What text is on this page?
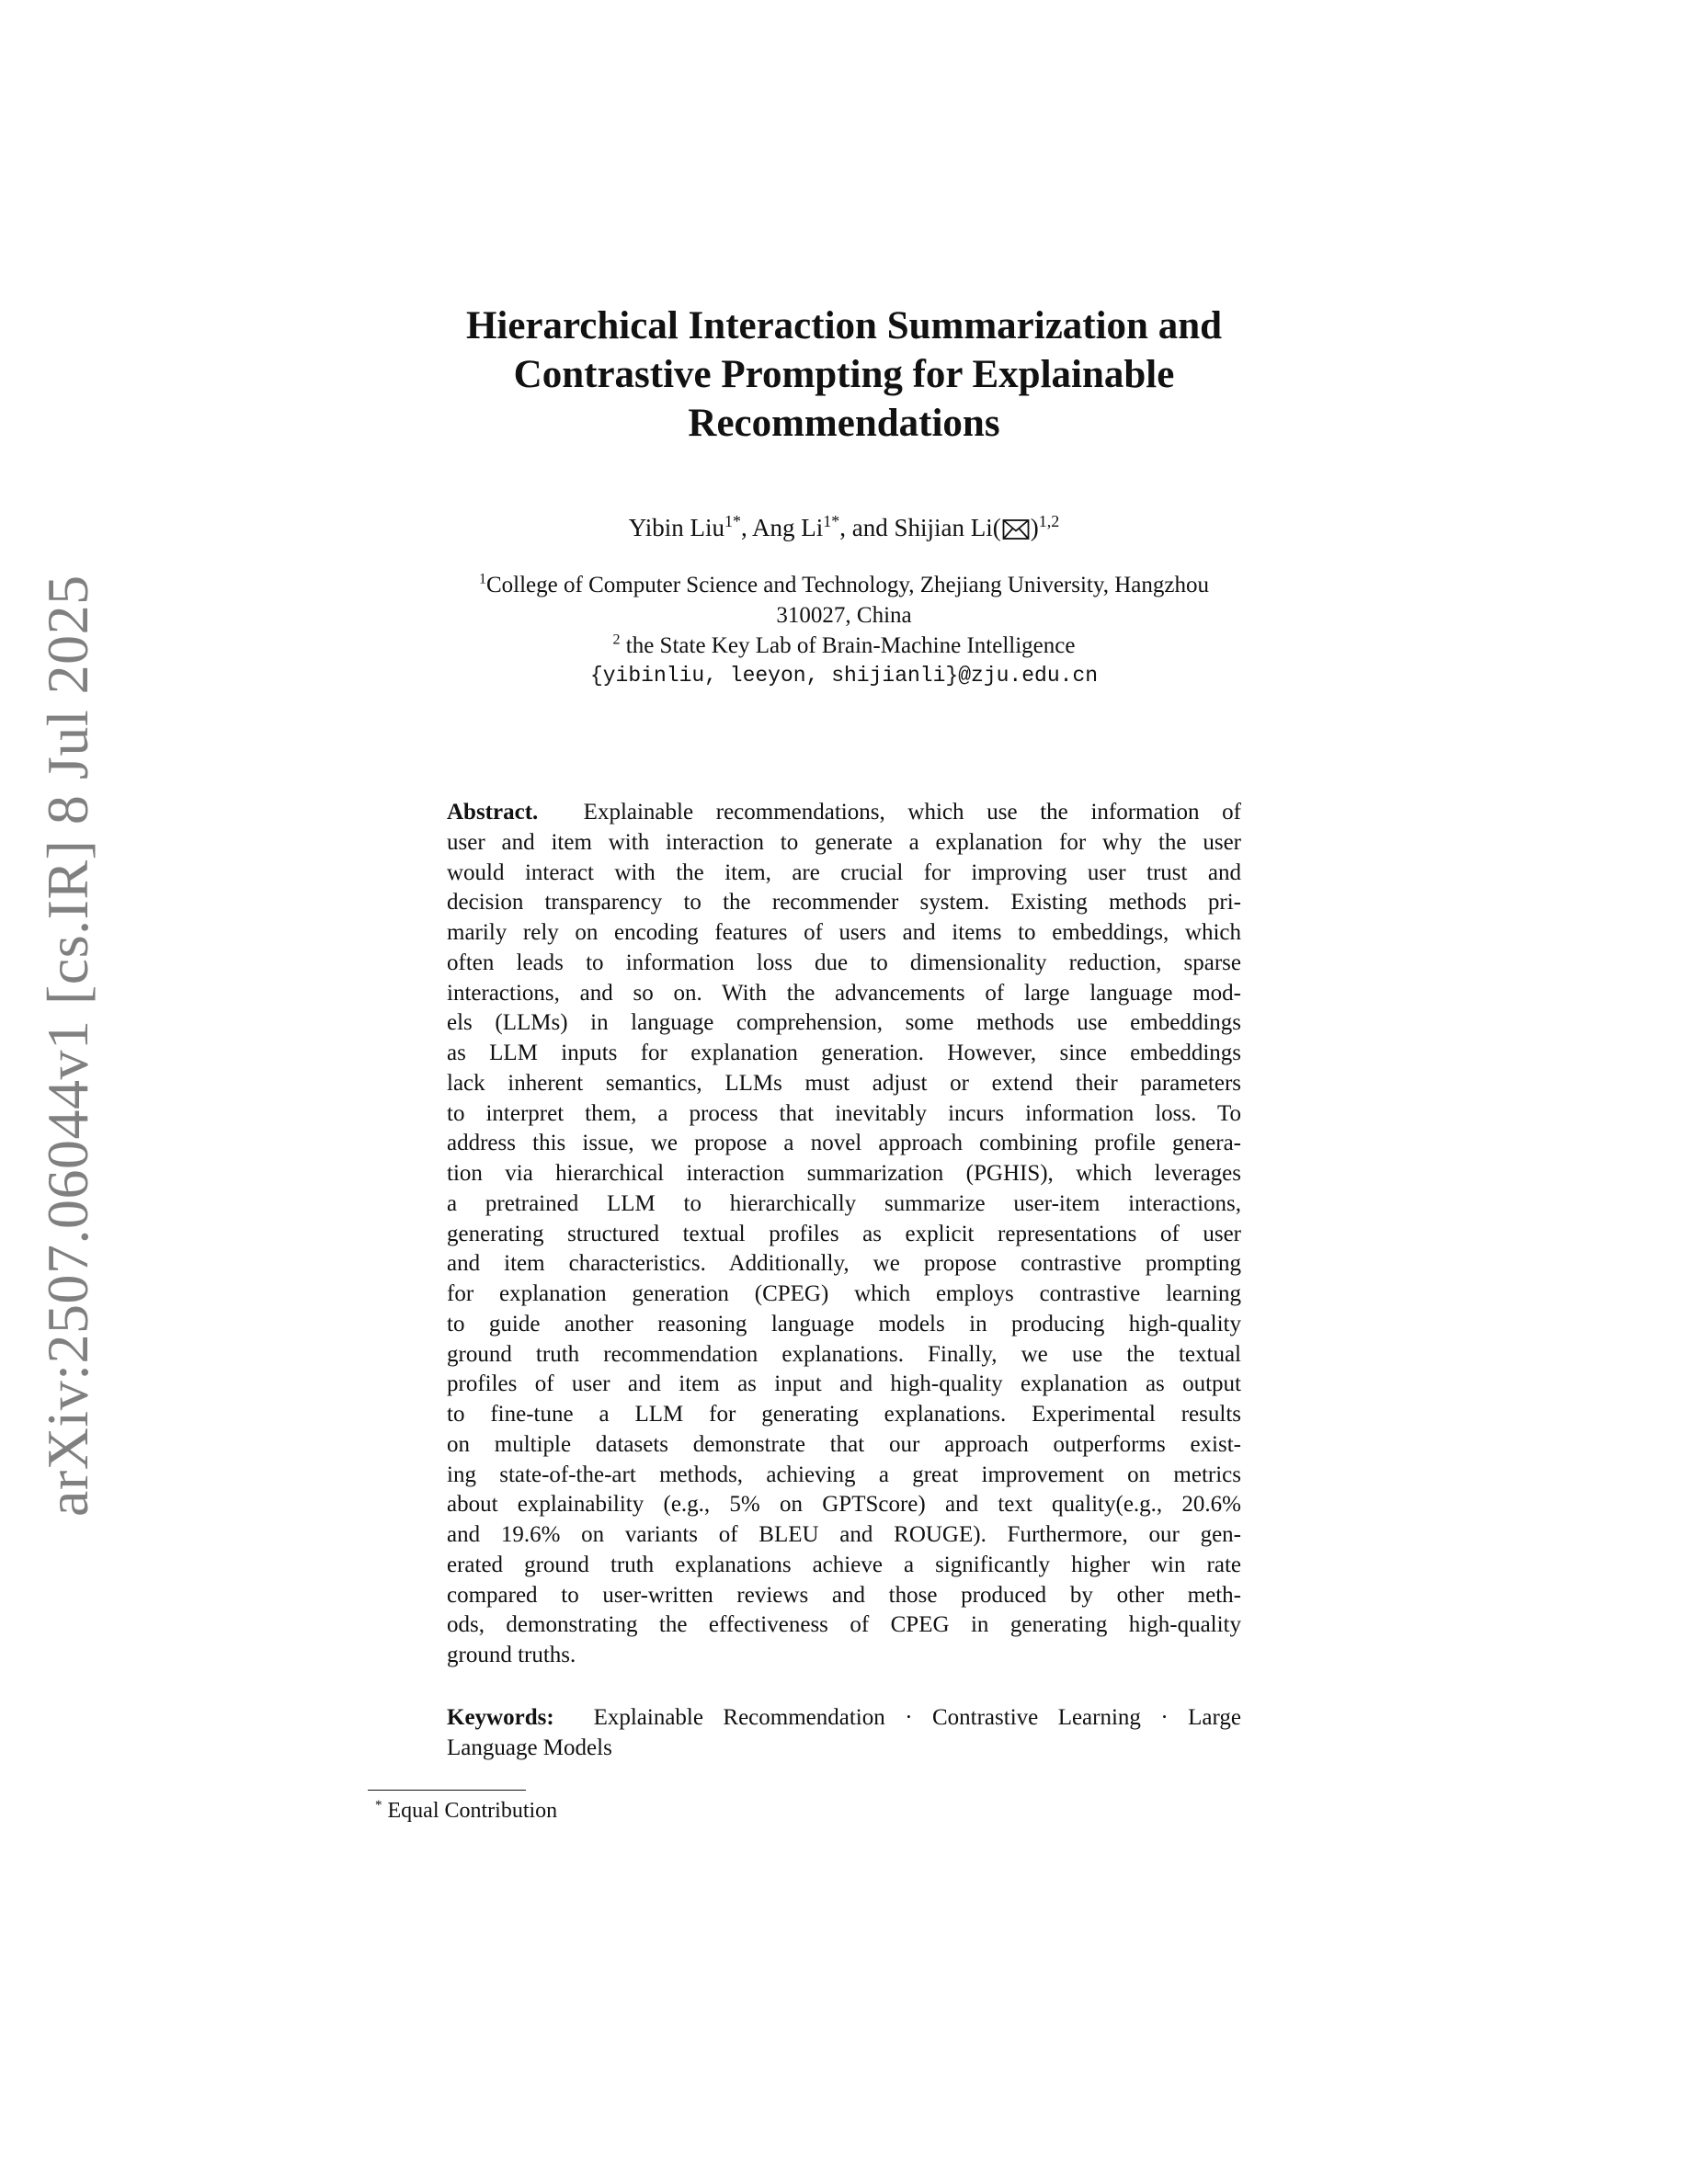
arXiv:2507.06044v1 [cs.IR] 8 Jul 2025
Hierarchical Interaction Summarization and
Contrastive Prompting for Explainable
Recommendations
Yibin Liu$^{1*}$, Ang $Li^{1*}$, and Shijian Li( )$^{1,2}$
$^1$College of Computer Science and Technology, Zhejiang University, Hangzhou
310027, China
$^2$ the State Key Lab of Brain-Machine Intelligence
{yibinliu, leeyon, shijianli}@zju.edu.cn
Abstract. Explainable recommendations, which use the information of
user and item with interaction to generate a explanation for why the user
would interact with the item, are crucial for improving user trust and
decision transparency to the recommender system. Existing methods pri-
marily rely on encoding features of users and items to embeddings, which
often leads to information loss due to dimensionality reduction, sparse
interactions, and so on. With the advancements of large language mod-
els (LLMs) in language comprehension, some methods use embeddings
as LLM inputs for explanation generation. However, since embeddings
lack inherent semantics, LLMs must adjust or extend their parameters
to interpret them, a process that inevitably incurs information loss. To
address this issue, we propose a novel approach combining profile genera-
tion via hierarchical interaction summarization (PGHIS), which leverages
a pretrained LLM to hierarchically summarize user-item interactions,
generating structured textual profiles as explicit representations of user
and item characteristics. Additionally, we propose contrastive prompting
for explanation generation (CPEG) which employs contrastive learning
to guide another reasoning language models in producing high-quality
ground truth recommendation explanations. Finally, we use the textual
profiles of user and item as input and high-quality explanation as output
to fine-tune a LLM for generating explanations. Experimental results
on multiple datasets demonstrate that our approach outperforms exist-
ing state-of-the-art methods, achieving a great improvement on metrics
about explainability (e.g., 5% on GPTScore) and text quality(e.g., 20.6%
and 19.6% on variants of BLEU and ROUGE). Furthermore, our gen-
erated ground truth explanations achieve a significantly higher win rate
compared to user-written reviews and those produced by other meth-
ods, demonstrating the effectiveness of CPEG in generating high-quality
ground truths.
Keywords: Explainable Recommendation · Contrastive Learning · Large
Language Models
* Equal Contribution
